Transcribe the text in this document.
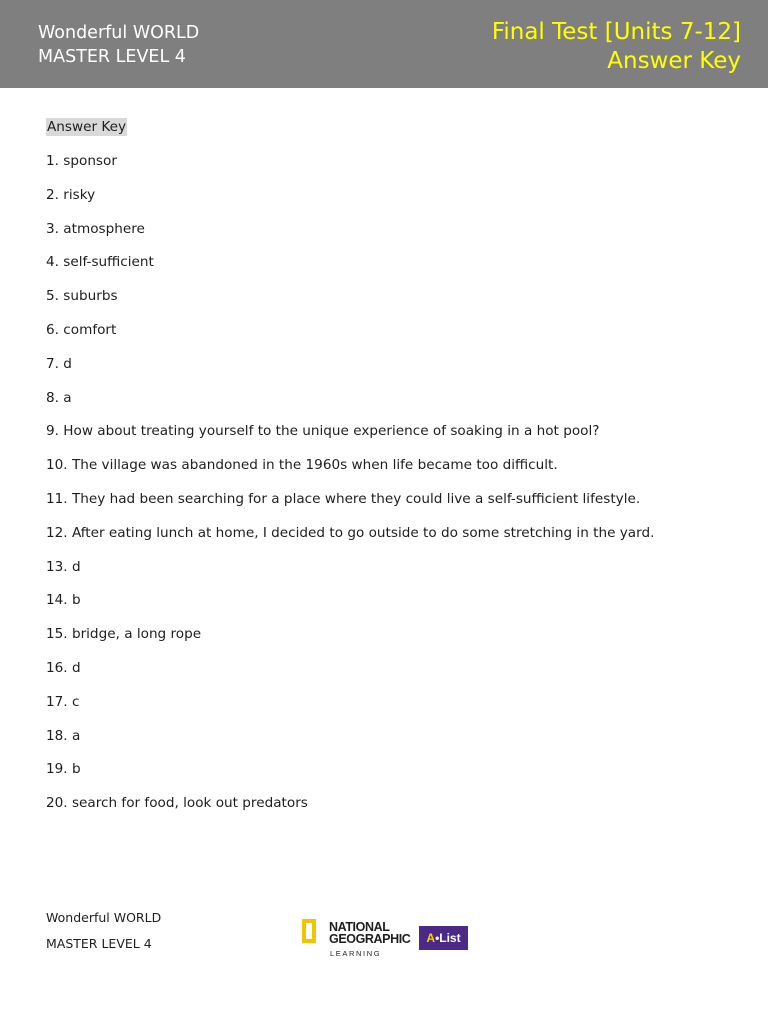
Wonderful WORLD
MASTER LEVEL 4
Final Test [Units 7-12]
Answer Key
Answer Key
1. sponsor
2. risky
3. atmosphere
4. self-sufficient
5. suburbs
6. comfort
7. d
8. a
9. How about treating yourself to the unique experience of soaking in a hot pool?
10. The village was abandoned in the 1960s when life became too difficult.
11. They had been searching for a place where they could live a self-sufficient lifestyle.
12. After eating lunch at home, I decided to go outside to do some stretching in the yard.
13. d
14. b
15. bridge, a long rope
16. d
17. c
18. a
19. b
20. search for food, look out predators
Wonderful WORLD
MASTER LEVEL 4
NATIONAL
GEOGRAPHIC
LEARNING
A•List
